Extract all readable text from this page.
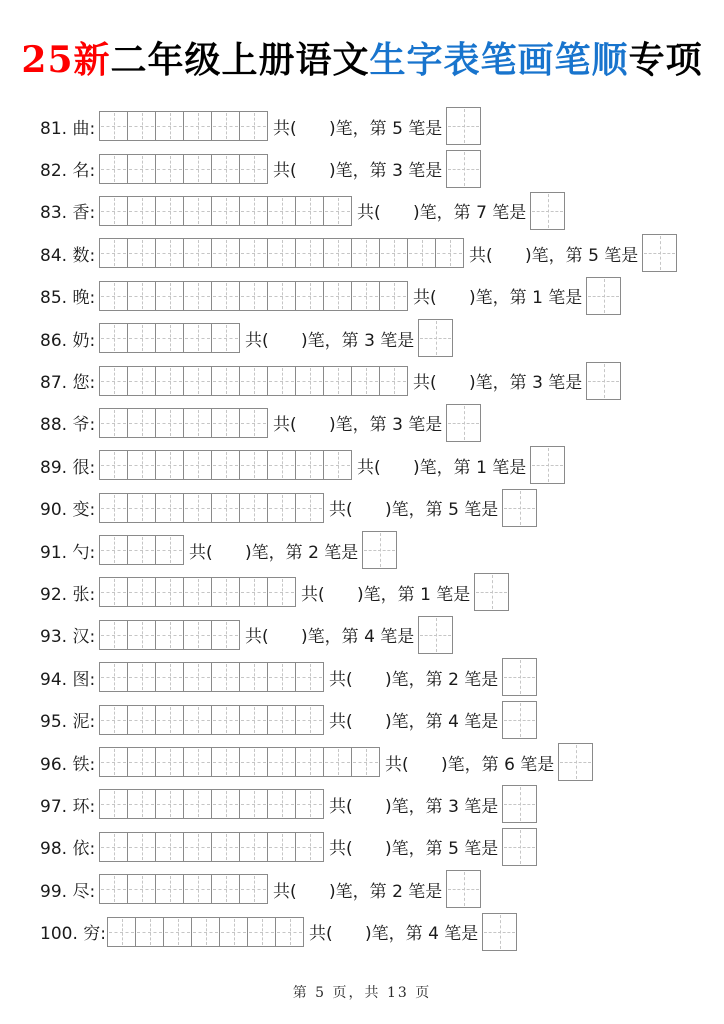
25新二年级上册语文生字表笔画笔顺专项
81. 曲:	共(      )笔，第 5 笔是
82. 名:	共(      )笔，第 3 笔是
83. 香:	共(      )笔，第 7 笔是
84. 数:	共(      )笔，第 5 笔是
85. 晚:	共(      )笔，第 1 笔是
86. 奶:	共(      )笔，第 3 笔是
87. 您:	共(      )笔，第 3 笔是
88. 爷:	共(      )笔，第 3 笔是
89. 很:	共(      )笔，第 1 笔是
90. 变:	共(      )笔，第 5 笔是
91. 勺:	共(      )笔，第 2 笔是
92. 张:	共(      )笔，第 1 笔是
93. 汉:	共(      )笔，第 4 笔是
94. 图:	共(      )笔，第 2 笔是
95. 泥:	共(      )笔，第 4 笔是
96. 铁:	共(      )笔，第 6 笔是
97. 环:	共(      )笔，第 3 笔是
98. 依:	共(      )笔，第 5 笔是
99. 尽:	共(      )笔，第 2 笔是
100. 穷:	共(      )笔，第 4 笔是
第 5 页，共 13 页
